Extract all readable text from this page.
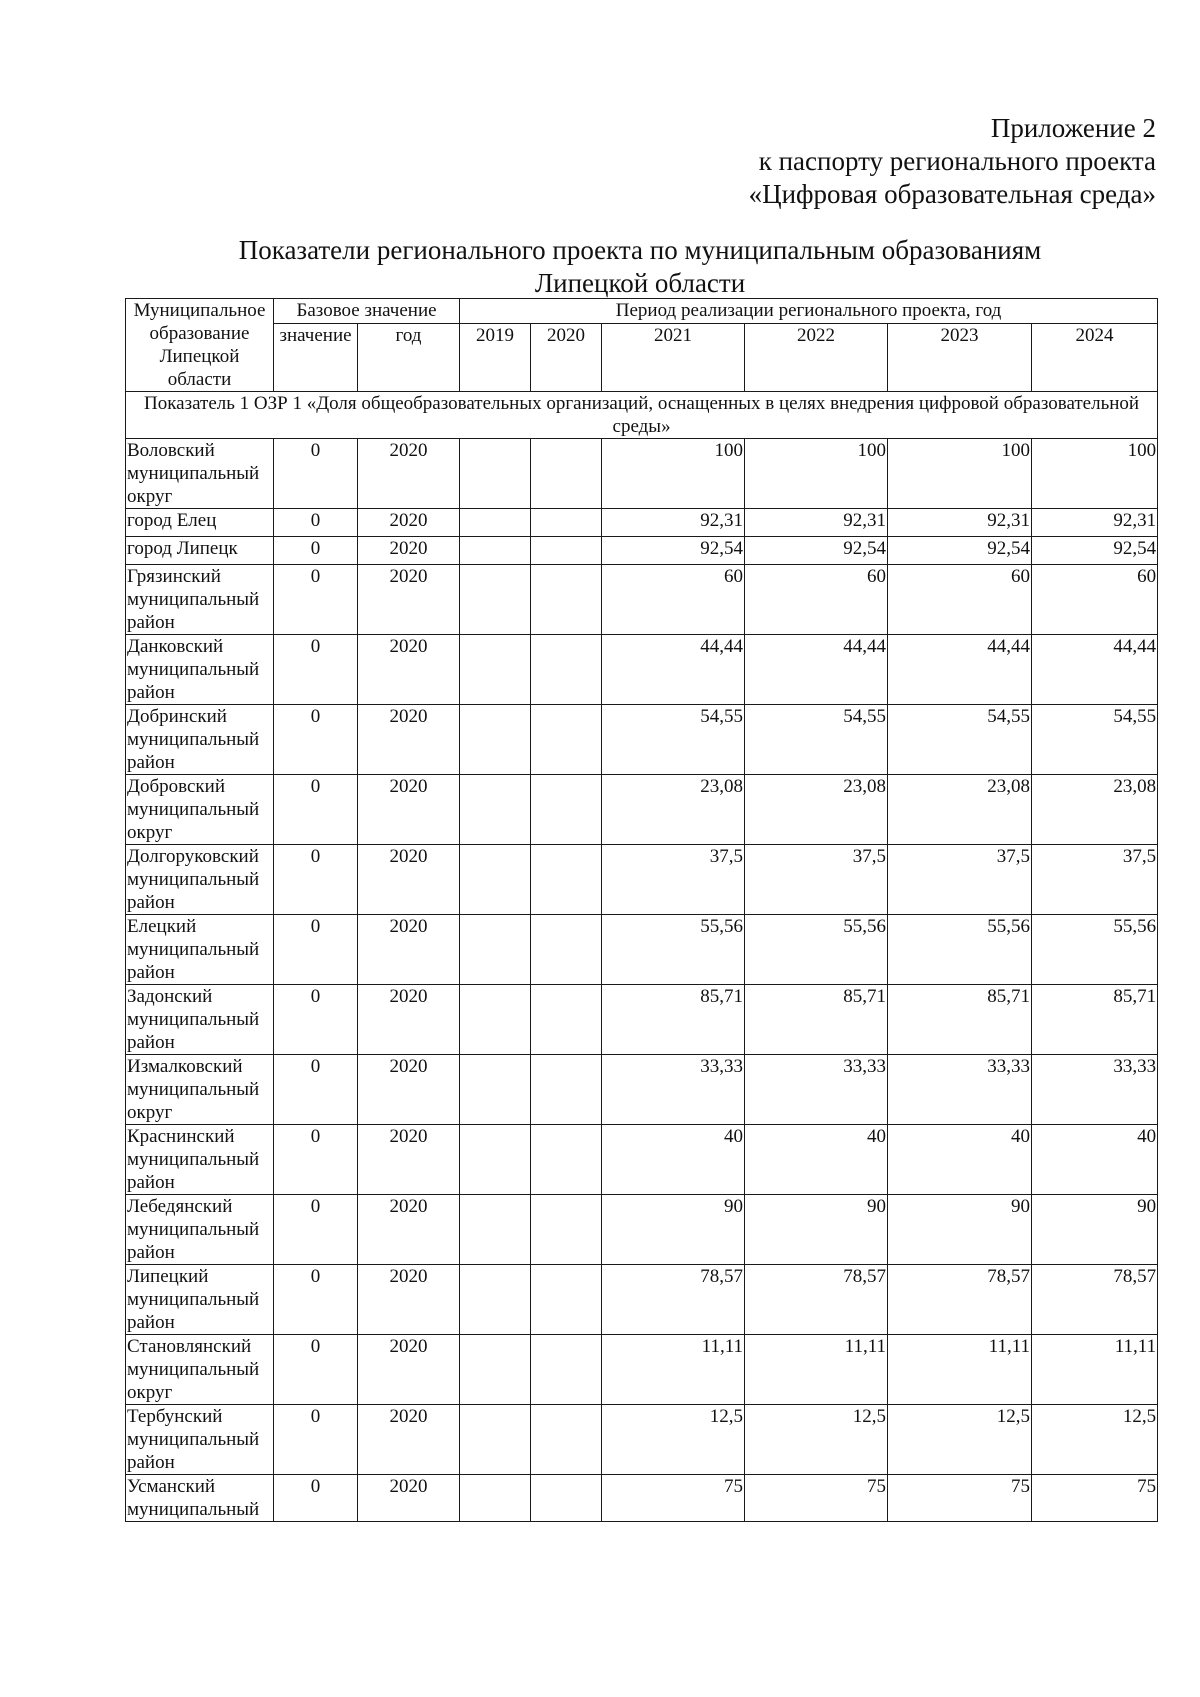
Приложение 2
к паспорту регионального проекта
«Цифровая образовательная среда»
Показатели регионального проекта по муниципальным образованиям
Липецкой области
Муниципальное образование Липецкой области	Базовое значение		Период реализации регионального проекта, год					
	значение	год	2019	2020	2021	2022	2023	2024
Показатель 1 ОЗР 1 «Доля общеобразовательных организаций, оснащенных в целях внедрения цифровой образовательной среды»								
Воловский муниципальный округ	0	2020			100	100	100	100
город Елец	0	2020			92,31	92,31	92,31	92,31
город Липецк	0	2020			92,54	92,54	92,54	92,54
Грязинский муниципальный район	0	2020			60	60	60	60
Данковский муниципальный район	0	2020			44,44	44,44	44,44	44,44
Добринский муниципальный район	0	2020			54,55	54,55	54,55	54,55
Добровский муниципальный округ	0	2020			23,08	23,08	23,08	23,08
Долгоруковский муниципальный район	0	2020			37,5	37,5	37,5	37,5
Елецкий муниципальный район	0	2020			55,56	55,56	55,56	55,56
Задонский муниципальный район	0	2020			85,71	85,71	85,71	85,71
Измалковский муниципальный округ	0	2020			33,33	33,33	33,33	33,33
Краснинский муниципальный район	0	2020			40	40	40	40
Лебедянский муниципальный район	0	2020			90	90	90	90
Липецкий муниципальный район	0	2020			78,57	78,57	78,57	78,57
Становлянский муниципальный округ	0	2020			11,11	11,11	11,11	11,11
Тербунский муниципальный район	0	2020			12,5	12,5	12,5	12,5
Усманский муниципальный	0	2020			75	75	75	75
